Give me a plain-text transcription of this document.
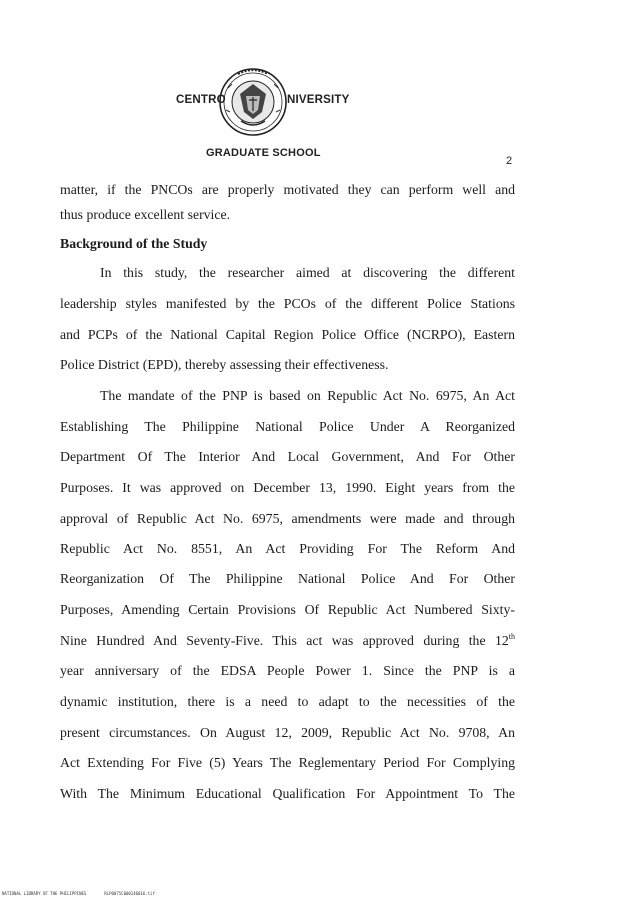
CENTRO	NIVERSITY
GRADUATE SCHOOL
2
matter, if the PNCOs are properly motivated they can perform well and
thus produce excellent service.
Background of the Study
In this study, the researcher aimed at discovering the different
leadership styles manifested by the PCOs of the different Police Stations
and PCPs of the National Capital Region Police Office (NCRPO), Eastern
Police District (EPD), thereby assessing their effectiveness.
The mandate of the PNP is based on Republic Act No. 6975, An Act
Establishing The Philippine National Police Under A Reorganized
Department Of The Interior And Local Government, And For Other
Purposes. It was approved on December 13, 1990. Eight years from the
approval of Republic Act No. 6975, amendments were made and through
Republic Act No. 8551, An Act Providing For The Reform And
Reorganization Of The Philippine National Police And For Other
Purposes, Amending Certain Provisions Of Republic Act Numbered Sixty-
Nine Hundred And Seventy-Five. This act was approved during the 12th
year anniversary of the EDSA People Power 1. Since the PNP is a
dynamic institution, there is a need to adapt to the necessities of the
present circumstances. On August 12, 2009, Republic Act No. 9708, An
Act Extending For Five (5) Years The Reglementary Period For Complying
With The Minimum Educational Qualification For Appointment To The
NATIONAL LIBRARY OF THE PHILIPPINES	RLP0075C000146016.tif
